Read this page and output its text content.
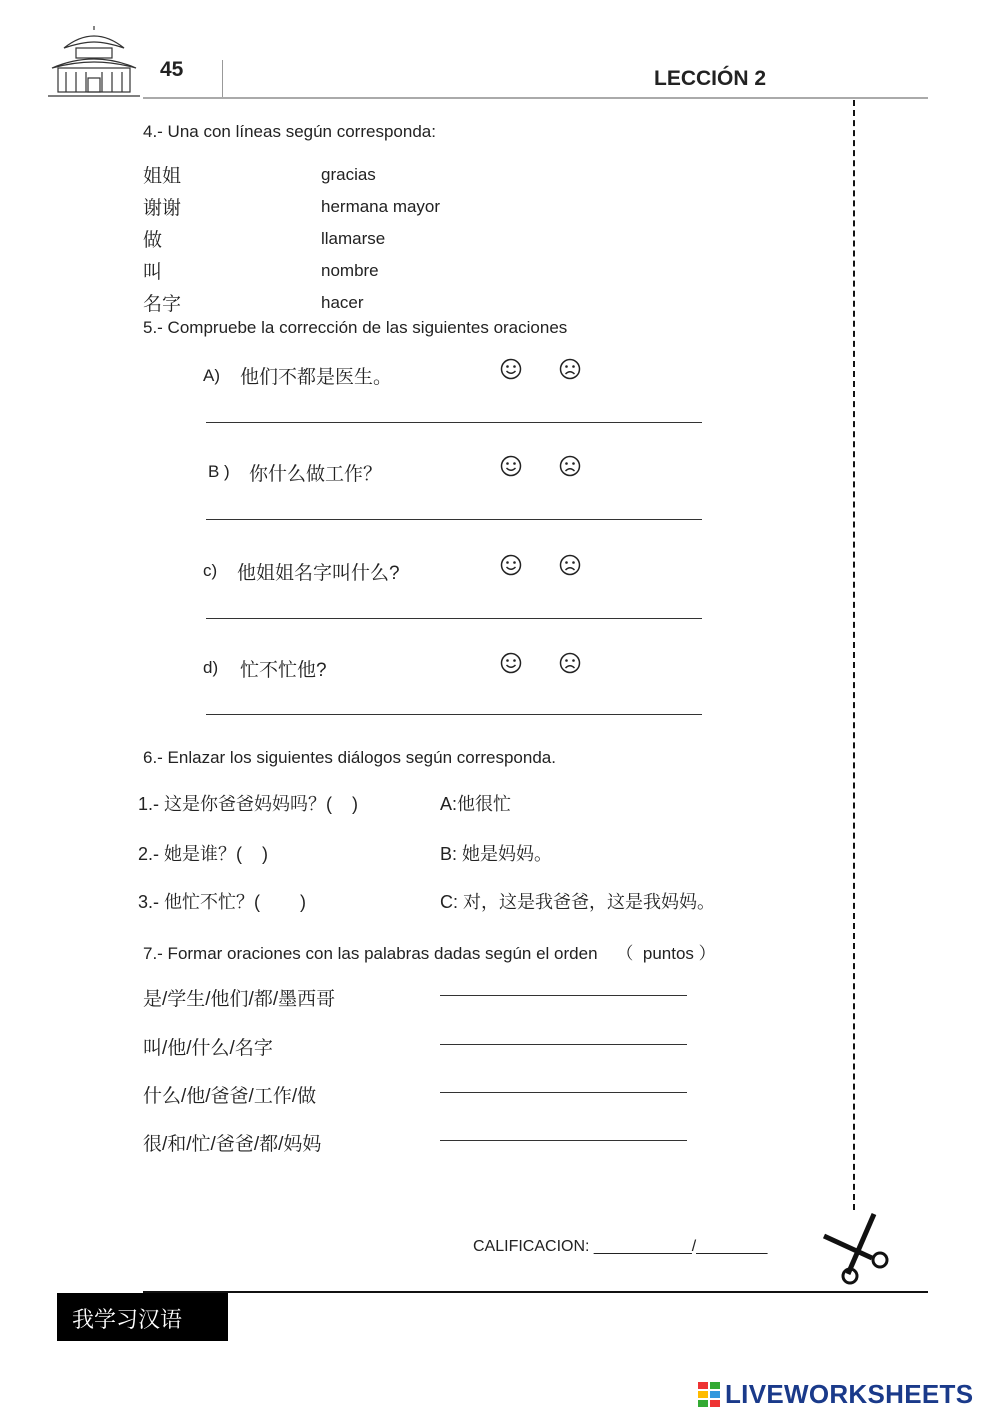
45	LECCIÓN 2
4.- Una con líneas según corresponda:
姐姐
谢谢
做
叫
名字
gracias
hermana mayor
llamarse
nombre
hacer
5.- Compruebe la corrección de las siguientes oraciones
A) 他们不都是医生。
B ) 你什么做工作？
c) 他姐姐名字叫什么?
d) 忙不忙他?
6.- Enlazar los siguientes diálogos según corresponda.
1.- 这是你爸爸妈妈吗？(    )
2.- 她是谁？(    )
3.- 他忙不忙？(        )
A:他很忙
B: 她是妈妈。
C: 对，这是我爸爸，这是我妈妈。
7.- Formar oraciones con las palabras dadas según el orden    （  puntos ）
是/学生/他们/都/墨西哥
叫/他/什么/名字
什么/他/爸爸/工作/做
很/和/忙/爸爸/都/妈妈
CALIFICACION: ___________/________
我学习汉语
LIVEWORKSHEETS
